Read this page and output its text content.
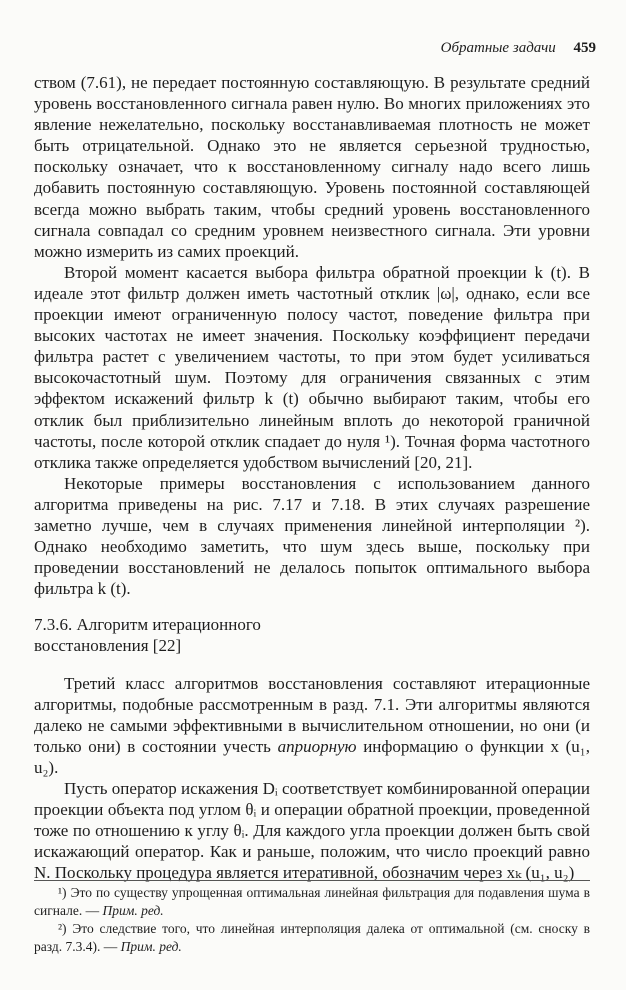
Обратные задачи 459

ством (7.61), не передает постоянную составляющую. В результате средний уровень восстановленного сигнала равен нулю. Во многих приложениях это явление нежелательно, поскольку восстанавливаемая плотность не может быть отрицательной. Однако это не является серьезной трудностью, поскольку означает, что к восстановленному сигналу надо всего лишь добавить постоянную составляющую. Уровень постоянной составляющей всегда можно выбрать таким, чтобы средний уровень восстановленного сигнала совпадал со средним уровнем неизвестного сигнала. Эти уровни можно измерить из самих проекций.

Второй момент касается выбора фильтра обратной проекции k (t). В идеале этот фильтр должен иметь частотный отклик |ω|, однако, если все проекции имеют ограниченную полосу частот, поведение фильтра при высоких частотах не имеет значения. Поскольку коэффициент передачи фильтра растет с увеличением частоты, то при этом будет усиливаться высокочастотный шум. Поэтому для ограничения связанных с этим эффектом искажений фильтр k (t) обычно выбирают таким, чтобы его отклик был приблизительно линейным вплоть до некоторой граничной частоты, после которой отклик спадает до нуля ¹). Точная форма частотного отклика также определяется удобством вычислений [20, 21].

Некоторые примеры восстановления с использованием данного алгоритма приведены на рис. 7.17 и 7.18. В этих случаях разрешение заметно лучше, чем в случаях применения линейной интерполяции ²). Однако необходимо заметить, что шум здесь выше, поскольку при проведении восстановлений не делалось попыток оптимального выбора фильтра k (t).

7.3.6. Алгоритм итерационного
восстановления [22]

Третий класс алгоритмов восстановления составляют итерационные алгоритмы, подобные рассмотренным в разд. 7.1. Эти алгоритмы являются далеко не самыми эффективными в вычислительном отношении, но они (и только они) в состоянии учесть априорную информацию о функции x (u₁, u₂).

Пусть оператор искажения Dᵢ соответствует комбинированной операции проекции объекта под углом θᵢ и операции обратной проекции, проведенной тоже по отношению к углу θᵢ. Для каждого угла проекции должен быть свой искажающий оператор. Как и раньше, положим, что число проекций равно N. Поскольку процедура является итеративной, обозначим через xₖ (u₁, u₂)

¹) Это по существу упрощенная оптимальная линейная фильтрация для подавления шума в сигнале. — Прим. ред.

²) Это следствие того, что линейная интерполяция далека от оптимальной (см. сноску в разд. 7.3.4). — Прим. ред.
